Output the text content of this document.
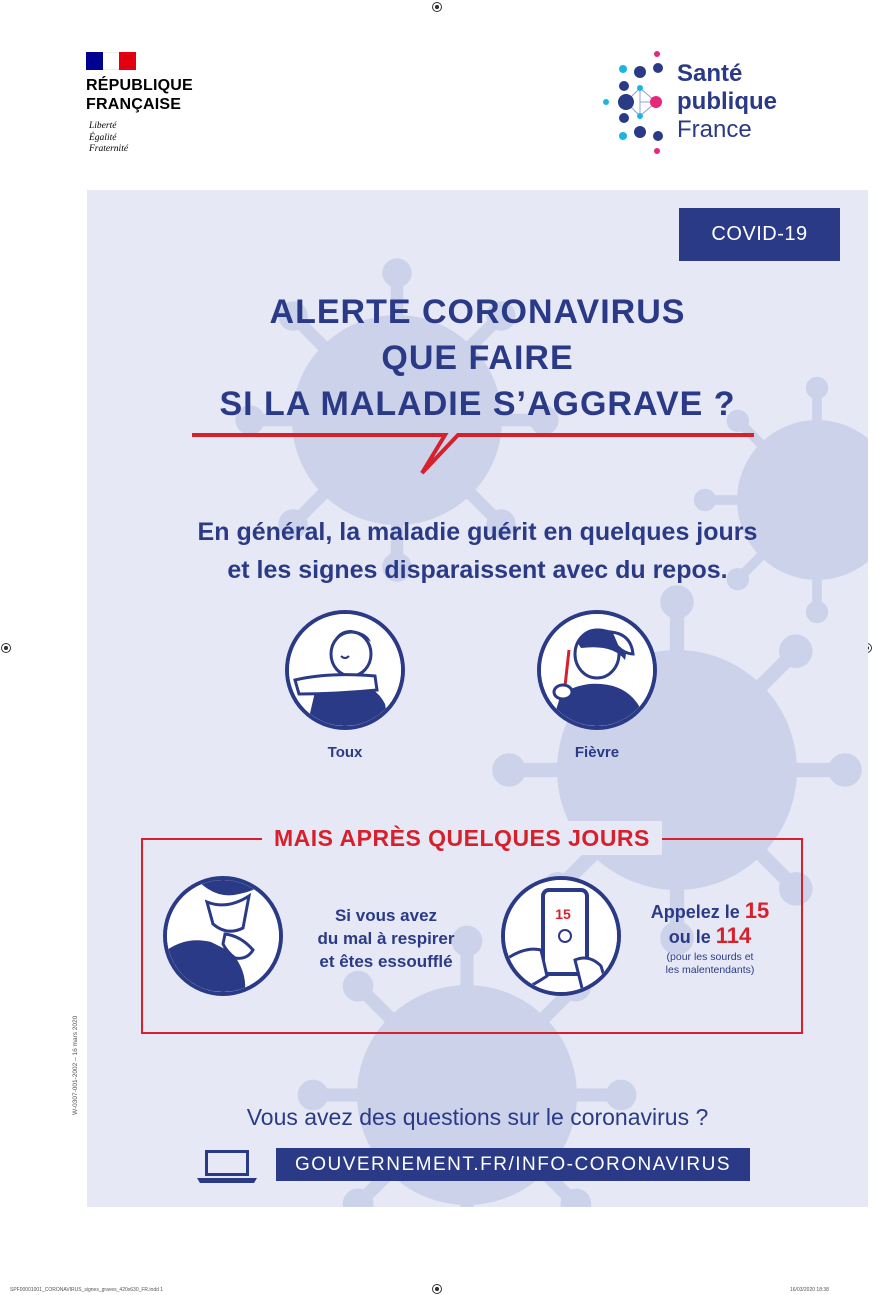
RÉPUBLIQUE
FRANÇAISE
Liberté
Égalité
Fraternité
Santé
publique
France
COVID-19
ALERTE CORONAVIRUS
QUE FAIRE
SI LA MALADIE S’AGGRAVE ?
En général, la maladie guérit en quelques jours
et les signes disparaissent avec du repos.
Toux	Fièvre
MAIS APRÈS QUELQUES JOURS
Si vous avez
du mal à respirer
et êtes essoufflé
15	Appelez le 15
ou le 114
(pour les sourds et
les malentendants)
Vous avez des questions sur le coronavirus ?
GOUVERNEMENT.FR/INFO-CORONAVIRUS
W-0307-001-2002 – 16 mars 2020
SPF00001001_CORONAVIRUS_signes_graves_420x630_FR.indd 1	16/03/2020 18:38
